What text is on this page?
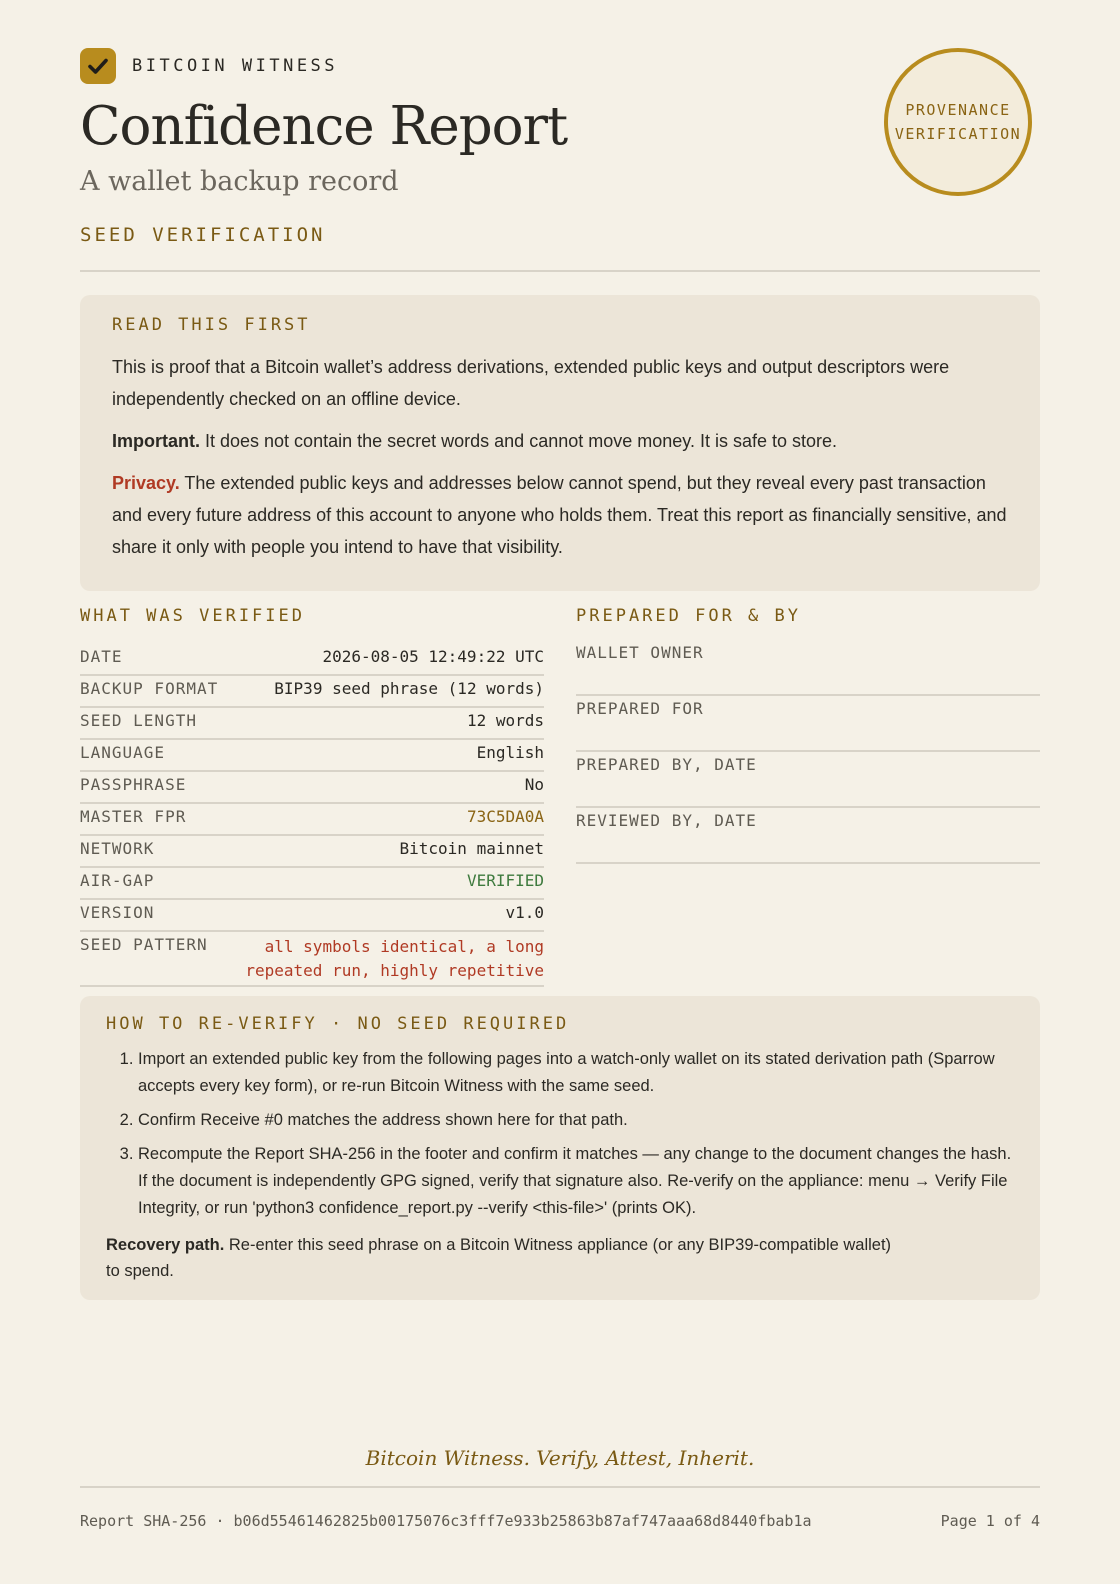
BITCOIN WITNESS
Confidence Report
A wallet backup record
SEED VERIFICATION
PROVENANCE
VERIFICATION
READ THIS FIRST

This is proof that a Bitcoin wallet’s address derivations, extended public keys and output descriptors were independently checked on an offline device.

Important. It does not contain the secret words and cannot move money. It is safe to store.

Privacy. The extended public keys and addresses below cannot spend, but they reveal every past transaction and every future address of this account to anyone who holds them. Treat this report as financially sensitive, and share it only with people you intend to have that visibility.

WHAT WAS VERIFIED
DATE	2026-08-05 12:49:22 UTC
BACKUP FORMAT	BIP39 seed phrase (12 words)
SEED LENGTH	12 words
LANGUAGE	English
PASSPHRASE	No
MASTER FPR	73C5DA0A
NETWORK	Bitcoin mainnet
AIR-GAP	VERIFIED
VERSION	v1.0
SEED PATTERN	all symbols identical, a long
repeated run, highly repetitive
PREPARED FOR & BY
WALLET OWNER
PREPARED FOR
PREPARED BY, DATE
REVIEWED BY, DATE
HOW TO RE-VERIFY · NO SEED REQUIRED
1. Import an extended public key from the following pages into a watch-only wallet on its stated derivation path (Sparrow accepts every key form), or re-run Bitcoin Witness with the same seed.
2. Confirm Receive #0 matches the address shown here for that path.
3. Recompute the Report SHA-256 in the footer and confirm it matches — any change to the document changes the hash. If the document is independently GPG signed, verify that signature also. Re-verify on the appliance: menu → Verify File Integrity, or run 'python3 confidence_report.py --verify <this-file>' (prints OK).

Recovery path. Re-enter this seed phrase on a Bitcoin Witness appliance (or any BIP39-compatible wallet)
to spend.

Bitcoin Witness. Verify, Attest, Inherit.
Report SHA-256 · b06d55461462825b00175076c3fff7e933b25863b87af747aaa68d8440fbab1a	Page 1 of 4
